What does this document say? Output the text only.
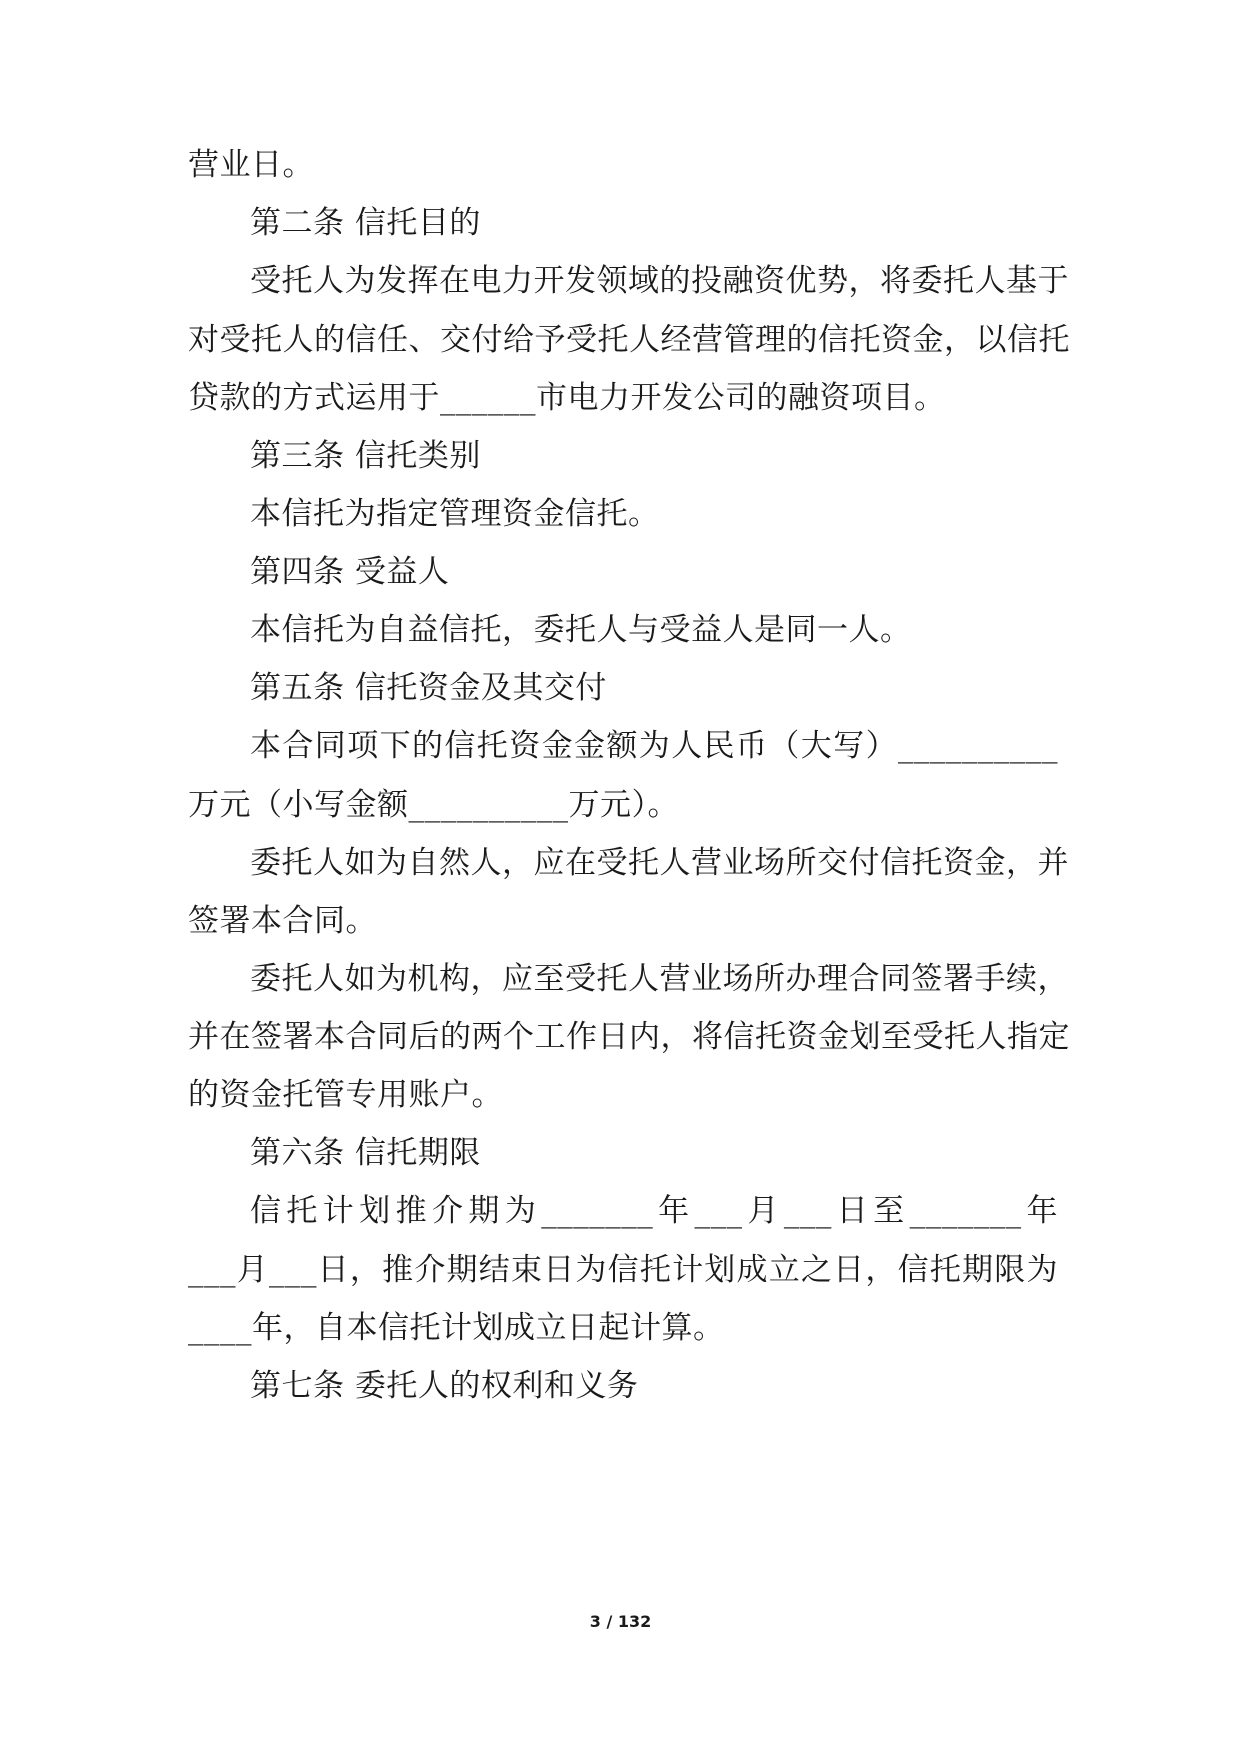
营业日。
第二条 信托目的
受托人为发挥在电力开发领域的投融资优势，将委托人基于
对受托人的信任、交付给予受托人经营管理的信托资金，以信托
贷款的方式运用于______市电力开发公司的融资项目。
第三条 信托类别
本信托为指定管理资金信托。
第四条 受益人
本信托为自益信托，委托人与受益人是同一人。
第五条 信托资金及其交付
本合同项下的信托资金金额为人民币（大写）__________
万元（小写金额__________万元）。
委托人如为自然人，应在受托人营业场所交付信托资金，并
签署本合同。
委托人如为机构，应至受托人营业场所办理合同签署手续，
并在签署本合同后的两个工作日内，将信托资金划至受托人指定
的资金托管专用账户。
第六条 信托期限
信托计划推介期为_______年___月___日至_______年
___月___日，推介期结束日为信托计划成立之日，信托期限为
____年，自本信托计划成立日起计算。
第七条 委托人的权利和义务
3 / 132
